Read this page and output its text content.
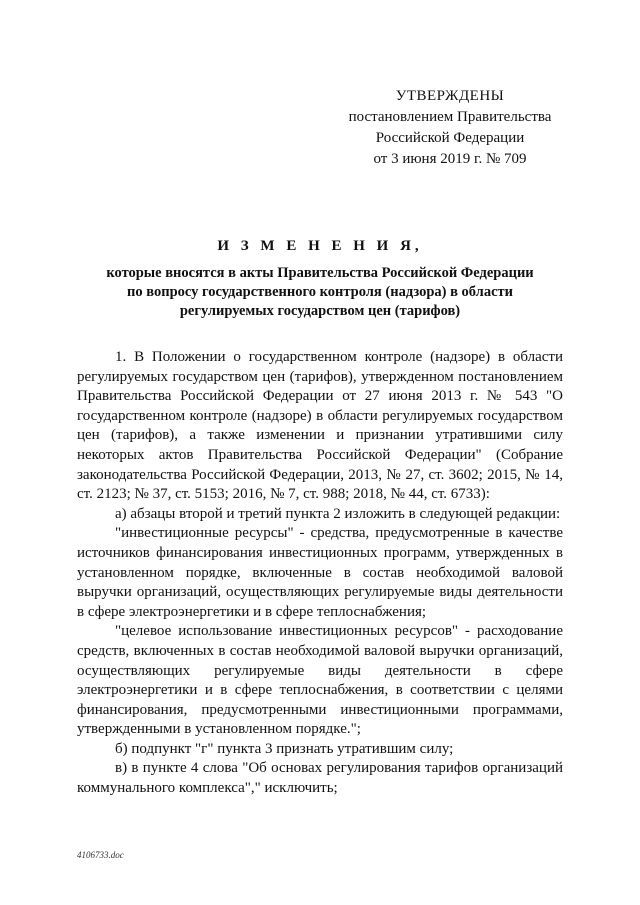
УТВЕРЖДЕНЫ
постановлением Правительства
Российской Федерации
от 3 июня 2019 г. № 709
И З М Е Н Е Н И Я,
которые вносятся в акты Правительства Российской Федерации
по вопросу государственного контроля (надзора) в области
регулируемых государством цен (тарифов)

1. В Положении о государственном контроле (надзоре) в области регулируемых государством цен (тарифов), утвержденном постановлением Правительства Российской Федерации от 27 июня 2013 г. № 543 "О государственном контроле (надзоре) в области регулируемых государством цен (тарифов), а также изменении и признании утратившими силу некоторых актов Правительства Российской Федерации" (Собрание законодательства Российской Федерации, 2013, № 27, ст. 3602; 2015, № 14, ст. 2123; № 37, ст. 5153; 2016, № 7, ст. 988; 2018, № 44, ст. 6733):

а) абзацы второй и третий пункта 2 изложить в следующей редакции:

"инвестиционные ресурсы" - средства, предусмотренные в качестве источников финансирования инвестиционных программ, утвержденных в установленном порядке, включенные в состав необходимой валовой выручки организаций, осуществляющих регулируемые виды деятельности в сфере электроэнергетики и в сфере теплоснабжения;

"целевое использование инвестиционных ресурсов" - расходование средств, включенных в состав необходимой валовой выручки организаций, осуществляющих регулируемые виды деятельности в сфере электроэнергетики и в сфере теплоснабжения, в соответствии с целями финансирования, предусмотренными инвестиционными программами, утвержденными в установленном порядке.";

б) подпункт "г" пункта 3 признать утратившим силу;

в) в пункте 4 слова "Об основах регулирования тарифов организаций коммунального комплекса"," исключить;

4106733.doc
